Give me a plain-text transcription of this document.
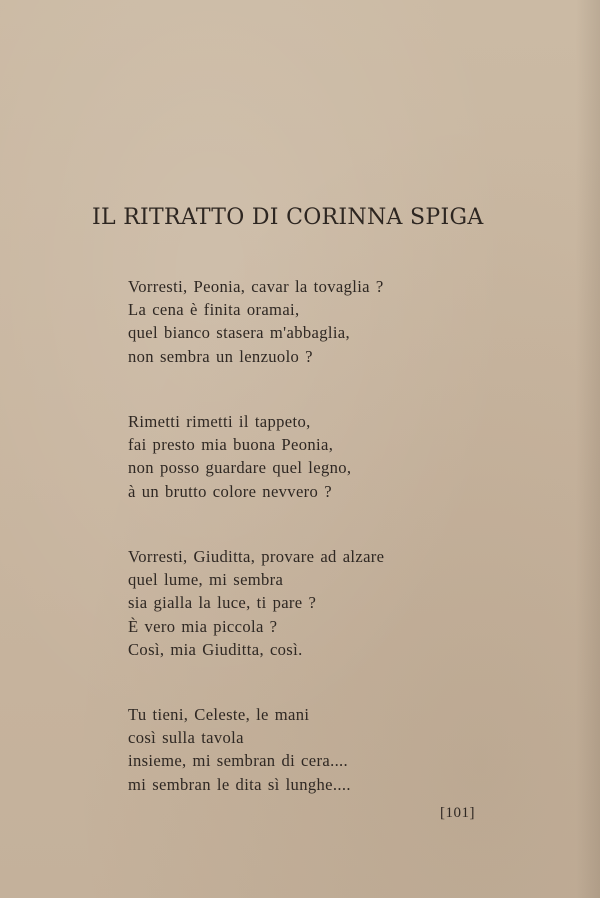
IL RITRATTO DI CORINNA SPIGA
Vorresti, Peonia, cavar la tovaglia ?
La cena è finita oramai,
quel bianco stasera m'abbaglia,
non sembra un lenzuolo ?
Rimetti rimetti il tappeto,
fai presto mia buona Peonia,
non posso guardare quel legno,
à un brutto colore nevvero ?
Vorresti, Giuditta, provare ad alzare
quel lume, mi sembra
sia gialla la luce, ti pare ?
È vero mia piccola ?
Così, mia Giuditta, così.
Tu tieni, Celeste, le mani
così sulla tavola
insieme, mi sembran di cera....
mi sembran le dita sì lunghe....
[101]
